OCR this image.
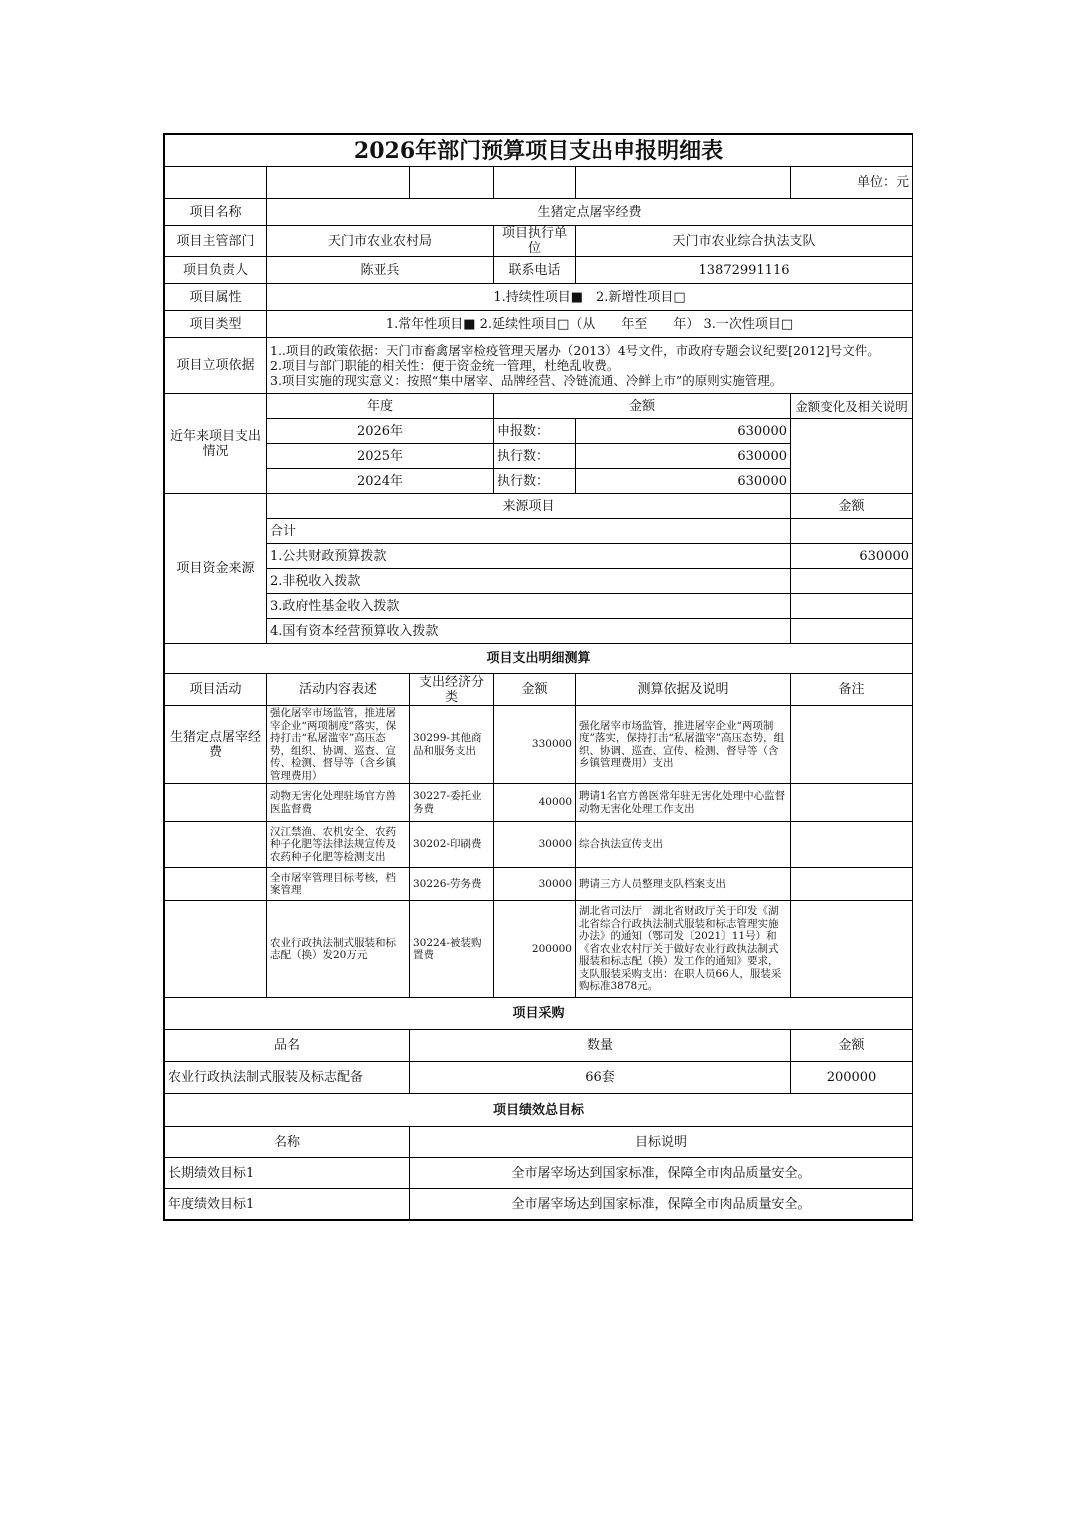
2026年部门预算项目支出申报明细表					
					单位：元
项目名称	生猪定点屠宰经费				
项目主管部门	天门市农业农村局		项目执行单位	天门市农业综合执法支队	
项目负责人	陈亚兵		联系电话	13872991116	
项目属性	1.持续性项目■　2.新增性项目□				
项目类型	1.常年性项目■ 2.延续性项目□（从　　年至　　年） 3.一次性项目□				
项目立项依据	1..项目的政策依据：天门市畜禽屠宰检疫管理天屠办（2013）4号文件，市政府专题会议纪要[2012]号文件。
2.项目与部门职能的相关性：便于资金统一管理，杜绝乱收费。
3.项目实施的现实意义：按照“集中屠宰、品牌经营、冷链流通、冷鲜上市”的原则实施管理。				
近年来项目支出情况	年度		金额		金额变化及相关说明
	2026年		申报数：	630000	
	2025年		执行数：	630000	
	2024年		执行数：	630000	
项目资金来源	来源项目				金额
	合计				
	1.公共财政预算拨款				630000
	2.非税收入拨款				
	3.政府性基金收入拨款				
	4.国有资本经营预算收入拨款				
项目支出明细测算					
项目活动	活动内容表述	支出经济分类	金额	测算依据及说明	备注
生猪定点屠宰经费	强化屠宰市场监管，推进屠宰企业“两项制度”落实，保持打击“私屠滥宰”高压态势，组织、协调、巡查、宣传、检测、督导等（含乡镇管理费用）	30299-其他商品和服务支出	330000	强化屠宰市场监管，推进屠宰企业“两项制度”落实，保持打击“私屠滥宰”高压态势，组织、协调、巡查、宣传、检测、督导等（含乡镇管理费用）支出	
	动物无害化处理驻场官方兽医监督费	30227-委托业务费	40000	聘请1名官方兽医常年驻无害化处理中心监督动物无害化处理工作支出	
	汉江禁渔、农机安全、农药种子化肥等法律法规宣传及农药种子化肥等检测支出	30202-印刷费	30000	综合执法宣传支出	
	全市屠宰管理目标考核，档案管理	30226-劳务费	30000	聘请三方人员整理支队档案支出	
	农业行政执法制式服装和标志配（换）发20万元	30224-被装购置费	200000	湖北省司法厅　湖北省财政厅关于印发《湖北省综合行政执法制式服装和标志管理实施办法》的通知（鄂司发〔2021〕11号）和《省农业农村厅关于做好农业行政执法制式服装和标志配（换）发工作的通知》要求，支队服装采购支出：在职人员66人，服装采购标准3878元。	
项目采购					
品名		数量			金额
农业行政执法制式服装及标志配备		66套			200000
项目绩效总目标					
名称		目标说明			
长期绩效目标1		全市屠宰场达到国家标准，保障全市肉品质量安全。			
年度绩效目标1		全市屠宰场达到国家标准，保障全市肉品质量安全。			
